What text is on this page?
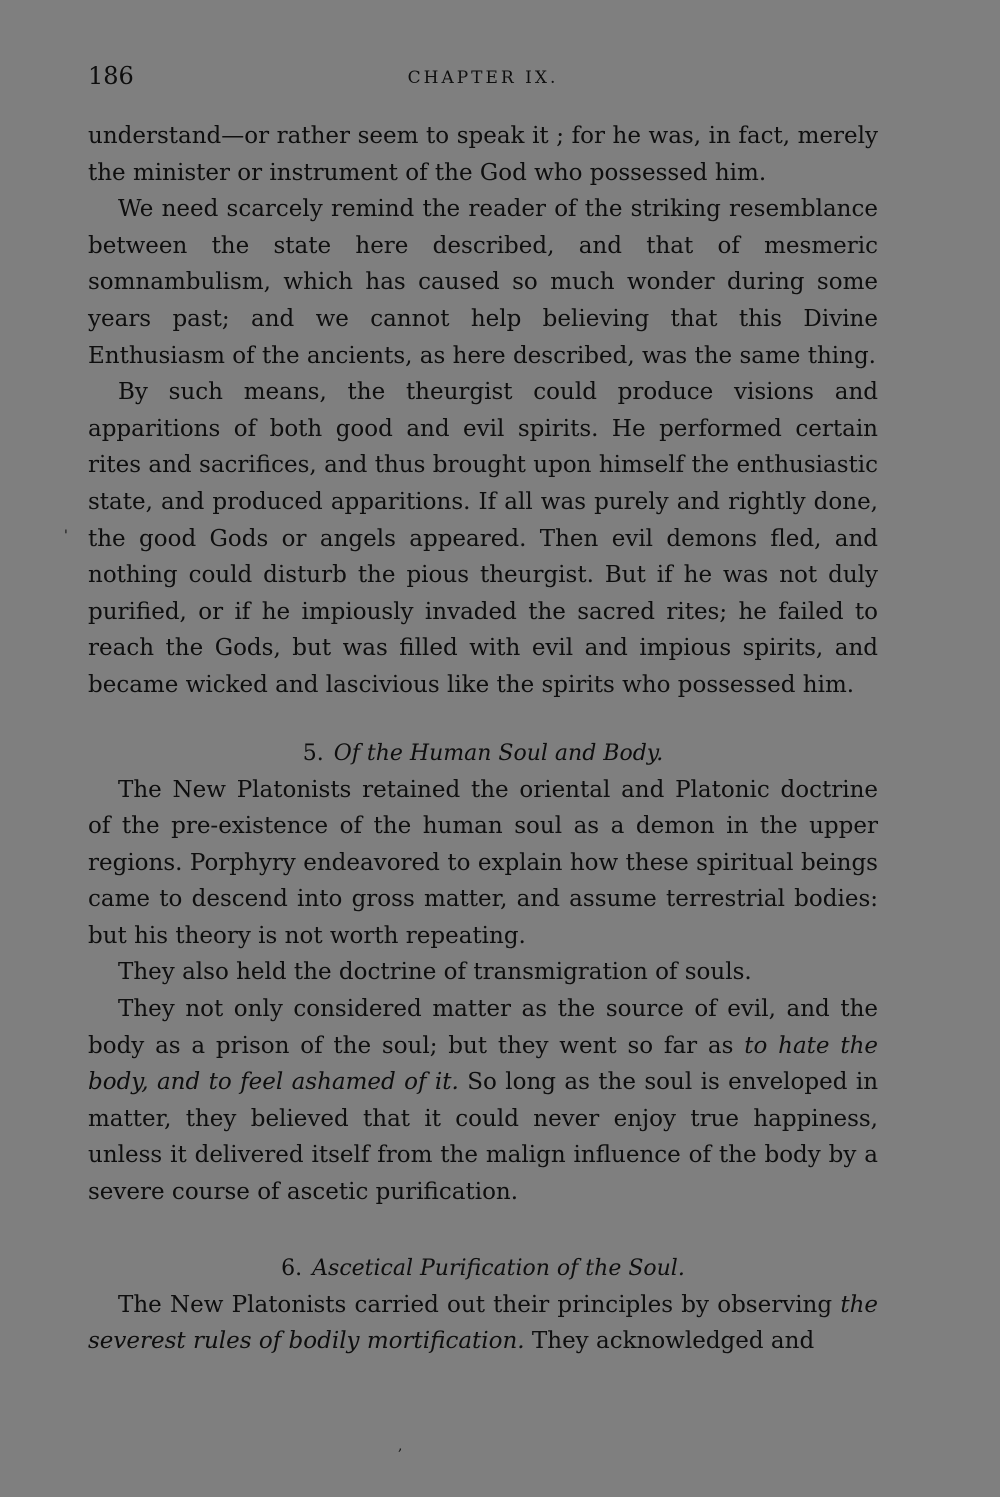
186	CHAPTER IX.

understand—or rather seem to speak it ; for he was, in fact, merely the minister or instrument of the God who possessed him.

We need scarcely remind the reader of the striking resemblance between the state here described, and that of mesmeric somnambulism, which has caused so much wonder during some years past; and we cannot help believing that this Divine Enthusiasm of the ancients, as here described, was the same thing.

By such means, the theurgist could produce visions and apparitions of both good and evil spirits. He performed certain rites and sacrifices, and thus brought upon himself the enthusiastic state, and produced apparitions. If all was purely and rightly done, the good Gods or angels appeared. Then evil demons fled, and nothing could disturb the pious theurgist. But if he was not duly purified, or if he impiously invaded the sacred rites; he failed to reach the Gods, but was filled with evil and impious spirits, and became wicked and lascivious like the spirits who possessed him.

5. Of the Human Soul and Body.

The New Platonists retained the oriental and Platonic doctrine of the pre-existence of the human soul as a demon in the upper regions. Porphyry endeavored to explain how these spiritual beings came to descend into gross matter, and assume terrestrial bodies: but his theory is not worth repeating.

They also held the doctrine of transmigration of souls.

They not only considered matter as the source of evil, and the body as a prison of the soul; but they went so far as to hate the body, and to feel ashamed of it. So long as the soul is enveloped in matter, they believed that it could never enjoy true happiness, unless it delivered itself from the malign influence of the body by a severe course of ascetic purification.

6. Ascetical Purification of the Soul.

The New Platonists carried out their principles by observing the severest rules of bodily mortification. They acknowledged and

'
,
